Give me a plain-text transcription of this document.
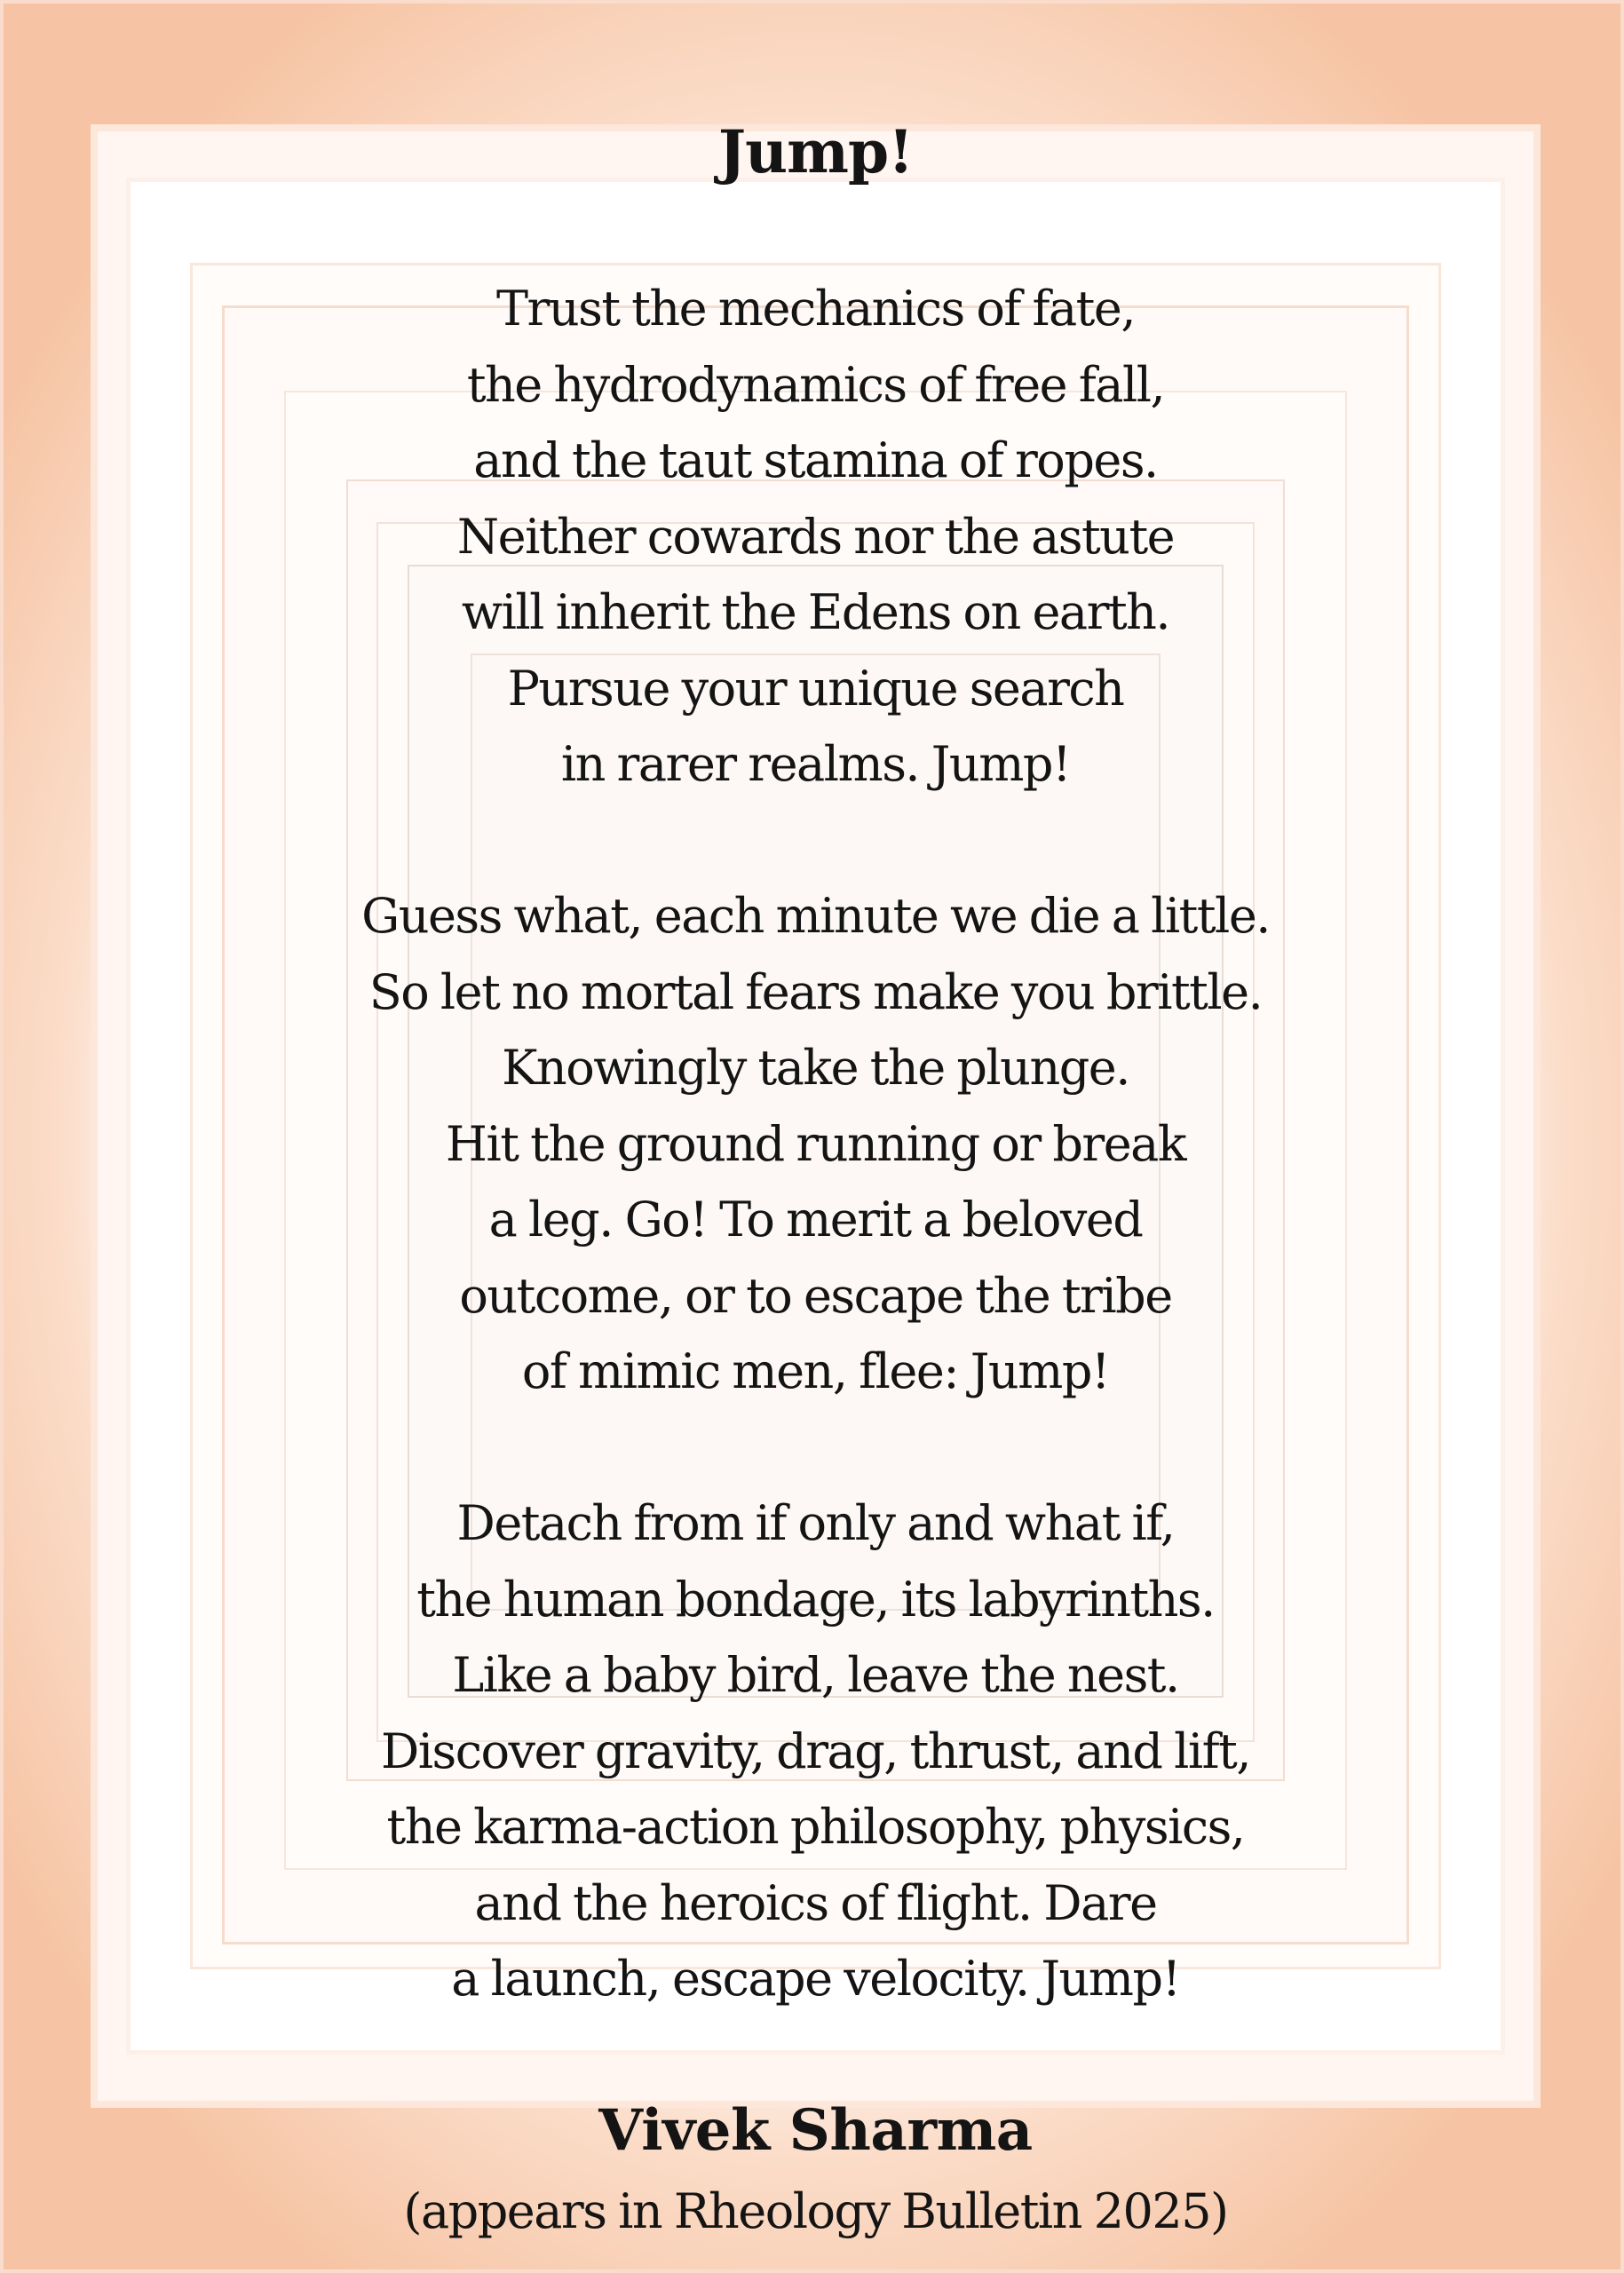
Jump!
Trust the mechanics of fate,
the hydrodynamics of free fall,
and the taut stamina of ropes.
Neither cowards nor the astute
will inherit the Edens on earth.
Pursue your unique search
in rarer realms. Jump!
Guess what, each minute we die a little.
So let no mortal fears make you brittle.
Knowingly take the plunge.
Hit the ground running or break
a leg. Go! To merit a beloved
outcome, or to escape the tribe
of mimic men, flee: Jump!
Detach from if only and what if,
the human bondage, its labyrinths.
Like a baby bird, leave the nest.
Discover gravity, drag, thrust, and lift,
the karma-action philosophy, physics,
and the heroics of flight. Dare
a launch, escape velocity. Jump!

Vivek Sharma

(appears in Rheology Bulletin 2025)
